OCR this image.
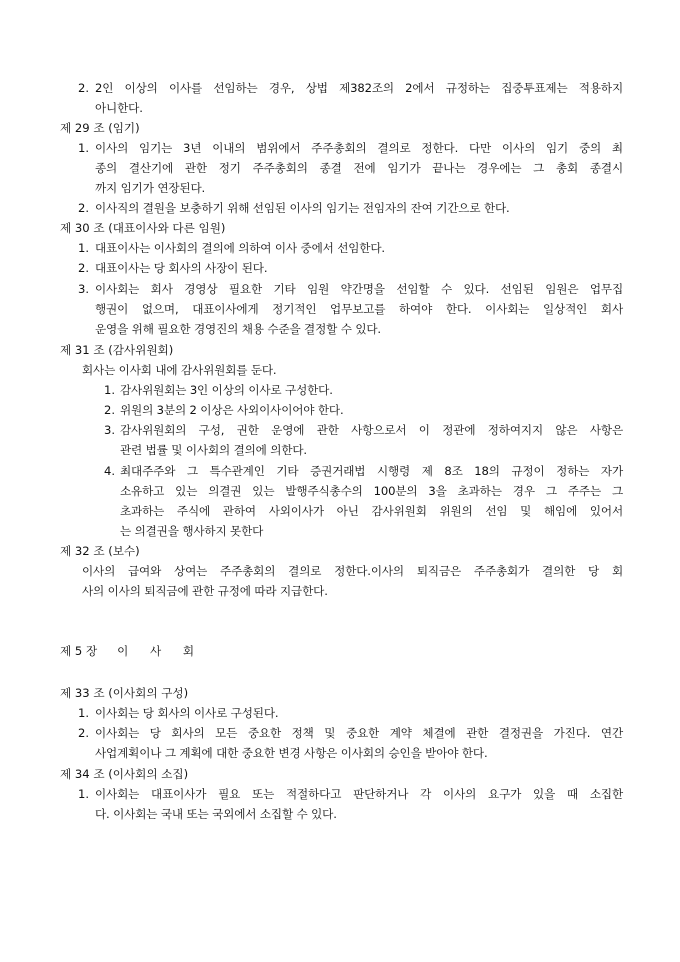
2. 2인 이상의 이사를 선임하는 경우, 상법 제382조의 2에서 규정하는 집중투표제는 적용하지
아니한다.
제 29 조 (임기)
1. 이사의 임기는 3년 이내의 범위에서 주주총회의 결의로 정한다. 다만 이사의 임기 중의 최
종의 결산기에 관한 정기 주주총회의 종결 전에 임기가 끝나는 경우에는 그 총회 종결시
까지 임기가 연장된다.
2. 이사직의 결원을 보충하기 위해 선임된 이사의 임기는 전임자의 잔여 기간으로 한다.
제 30 조 (대표이사와 다른 임원)
1. 대표이사는 이사회의 결의에 의하여 이사 중에서 선임한다.
2. 대표이사는 당 회사의 사장이 된다.
3. 이사회는 회사 경영상 필요한 기타 임원 약간명을 선임할 수 있다. 선임된 임원은 업무집
행권이 없으며, 대표이사에게 정기적인 업무보고를 하여야 한다. 이사회는 일상적인 회사
운영을 위해 필요한 경영진의 채용 수준을 결정할 수 있다.
제 31 조 (감사위원회)
회사는 이사회 내에 감사위원회를 둔다.
1. 감사위원회는 3인 이상의 이사로 구성한다.
2. 위원의 3분의 2 이상은 사외이사이어야 한다.
3. 감사위원회의 구성, 권한 운영에 관한 사항으로서 이 정관에 정하여지지 않은 사항은
관련 법률 및 이사회의 결의에 의한다.
4. 최대주주와 그 특수관계인 기타 증권거래법 시행령 제 8조 18의 규정이 정하는 자가
소유하고 있는 의결권 있는 발행주식총수의 100분의 3을 초과하는 경우 그 주주는 그
초과하는 주식에 관하여 사외이사가 아닌 감사위원회 위원의 선임 및 해임에 있어서
는 의결권을 행사하지 못한다
제 32 조 (보수)
이사의 급여와 상여는 주주총회의 결의로 정한다.이사의 퇴직금은 주주총회가 결의한 당 회
사의 이사의 퇴직금에 관한 규정에 따라 지급한다.
제 5 장 이 사 회
제 33 조 (이사회의 구성)
1. 이사회는 당 회사의 이사로 구성된다.
2. 이사회는 당 회사의 모든 중요한 정책 및 중요한 계약 체결에 관한 결정권을 가진다. 연간
사업계획이나 그 계획에 대한 중요한 변경 사항은 이사회의 승인을 받아야 한다.
제 34 조 (이사회의 소집)
1. 이사회는 대표이사가 필요 또는 적절하다고 판단하거나 각 이사의 요구가 있을 때 소집한
다. 이사회는 국내 또는 국외에서 소집할 수 있다.
